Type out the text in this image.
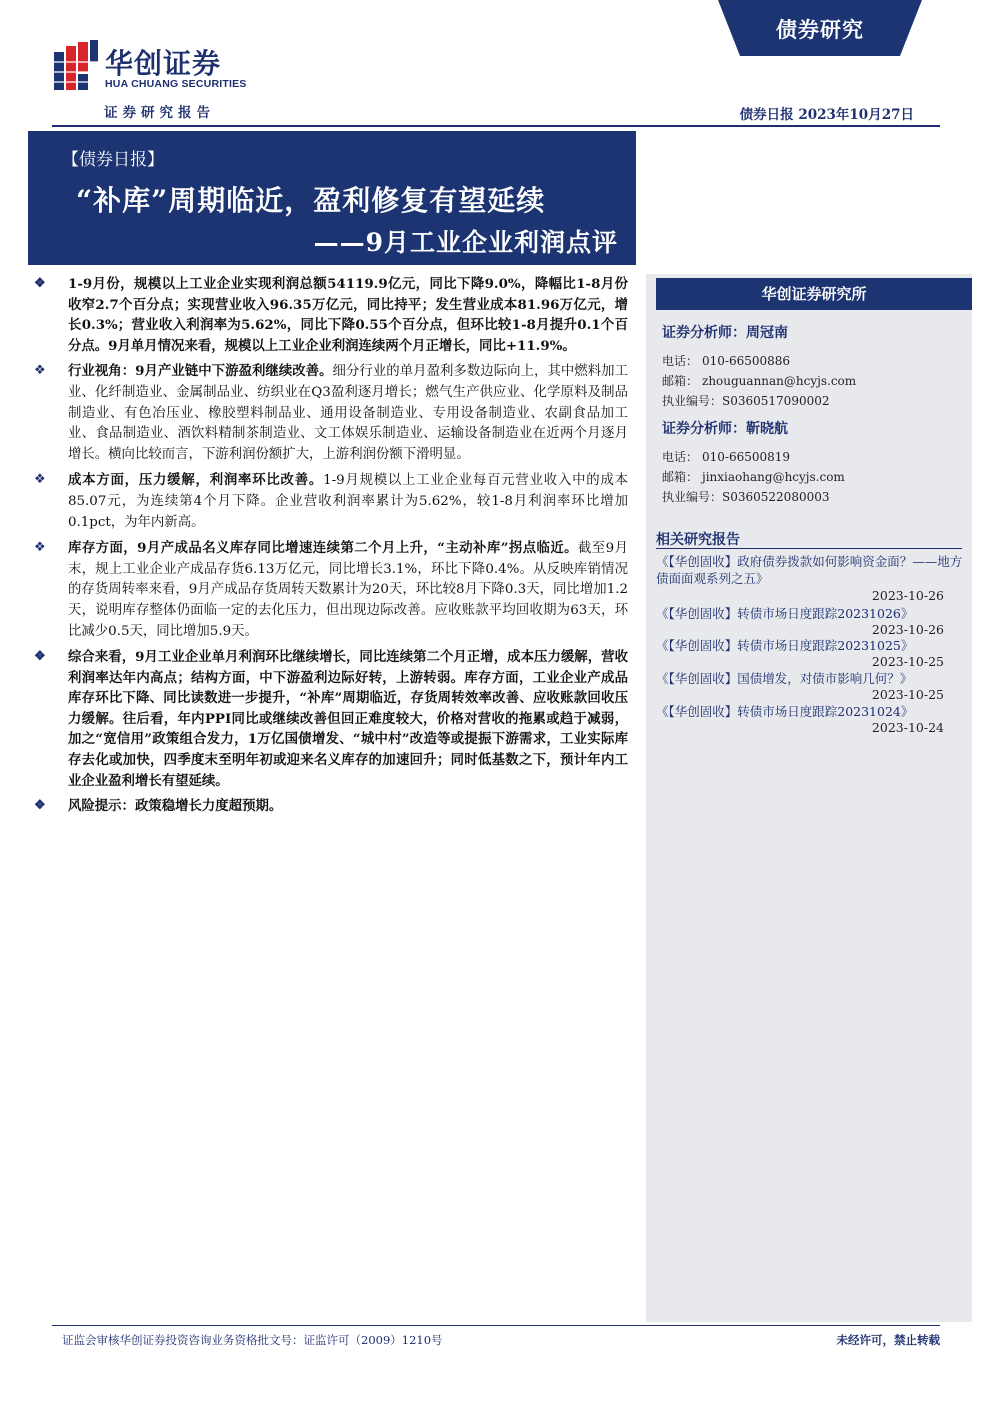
债券研究
华创证券
HUA CHUANG SECURITIES
证券研究报告	债券日报 2023年10月27日
【债券日报】
“补库”周期临近，盈利修复有望延续
——9月工业企业利润点评
❖ 1-9月份，规模以上工业企业实现利润总额54119.9亿元，同比下降9.0%，降幅比1-8月份收窄2.7个百分点；实现营业收入96.35万亿元，同比持平；发生营业成本81.96万亿元，增长0.3%；营业收入利润率为5.62%，同比下降0.55个百分点，但环比较1-8月提升0.1个百分点。9月单月情况来看，规模以上工业企业利润连续两个月正增长，同比+11.9%。
❖ 行业视角：9月产业链中下游盈利继续改善。细分行业的单月盈利多数边际向上，其中燃料加工业、化纤制造业、金属制品业、纺织业在Q3盈利逐月增长；燃气生产供应业、化学原料及制品制造业、有色冶压业、橡胶塑料制品业、通用设备制造业、专用设备制造业、农副食品加工业、食品制造业、酒饮料精制茶制造业、文工体娱乐制造业、运输设备制造业在近两个月逐月增长。横向比较而言，下游利润份额扩大，上游利润份额下滑明显。
❖ 成本方面，压力缓解，利润率环比改善。1-9月规模以上工业企业每百元营业收入中的成本85.07元，为连续第4个月下降。企业营收利润率累计为5.62%，较1-8月利润率环比增加0.1pct，为年内新高。
❖ 库存方面，9月产成品名义库存同比增速连续第二个月上升，“主动补库”拐点临近。截至9月末，规上工业企业产成品存货6.13万亿元，同比增长3.1%，环比下降0.4%。从反映库销情况的存货周转率来看，9月产成品存货周转天数累计为20天，环比较8月下降0.3天，同比增加1.2天，说明库存整体仍面临一定的去化压力，但出现边际改善。应收账款平均回收期为63天，环比减少0.5天，同比增加5.9天。
❖ 综合来看，9月工业企业单月利润环比继续增长，同比连续第二个月正增，成本压力缓解，营收利润率达年内高点；结构方面，中下游盈利边际好转，上游转弱。库存方面，工业企业产成品库存环比下降、同比读数进一步提升，“补库”周期临近，存货周转效率改善、应收账款回收压力缓解。往后看，年内PPI同比或继续改善但回正难度较大，价格对营收的拖累或趋于减弱，加之“宽信用”政策组合发力，1万亿国债增发、“城中村”改造等或提振下游需求，工业实际库存去化或加快，四季度末至明年初或迎来名义库存的加速回升；同时低基数之下，预计年内工业企业盈利增长有望延续。
❖ 风险提示：政策稳增长力度超预期。
华创证券研究所
证券分析师：周冠南
电话： 010-66500886
邮箱： zhouguannan@hcyjs.com
执业编号：S0360517090002
证券分析师：靳晓航
电话： 010-66500819
邮箱： jinxiaohang@hcyjs.com
执业编号：S0360522080003
相关研究报告
《【华创固收】政府债券拨款如何影响资金面？——地方债面面观系列之五》
2023-10-26
《【华创固收】转债市场日度跟踪20231026》
2023-10-26
《【华创固收】转债市场日度跟踪20231025》
2023-10-25
《【华创固收】国债增发，对债市影响几何？》
2023-10-25
《【华创固收】转债市场日度跟踪20231024》
2023-10-24
证监会审核华创证券投资咨询业务资格批文号：证监许可（2009）1210号	未经许可，禁止转载
